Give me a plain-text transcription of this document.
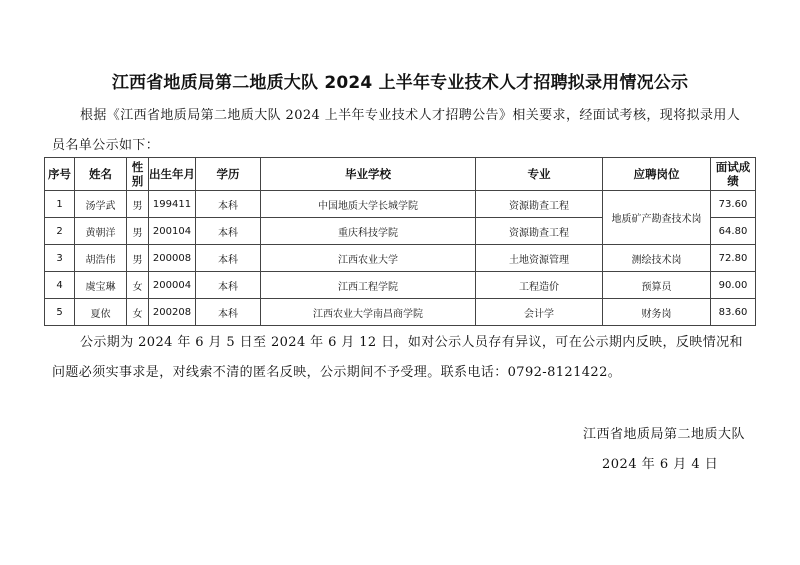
江西省地质局第二地质大队 2024 上半年专业技术人才招聘拟录用情况公示
根据《江西省地质局第二地质大队 2024 上半年专业技术人才招聘公告》相关要求，经面试考核，现将拟录用人员名单公示如下：
序号	姓名	性别	出生年月	学历	毕业学校	专业	应聘岗位	面试成绩
1	汤学武	男	199411	本科	中国地质大学长城学院	资源勘查工程	地质矿产勘查技术岗	73.60
2	黄朝洋	男	200104	本科	重庆科技学院	资源勘查工程		64.80
3	胡浩伟	男	200008	本科	江西农业大学	土地资源管理	测绘技术岗	72.80
4	虞宝琳	女	200004	本科	江西工程学院	工程造价	预算员	90.00
5	夏依	女	200208	本科	江西农业大学南昌商学院	会计学	财务岗	83.60
公示期为 2024 年 6 月 5 日至 2024 年 6 月 12 日，如对公示人员存有异议，可在公示期内反映，反映情况和问题必须实事求是，对线索不清的匿名反映，公示期间不予受理。联系电话：0792-8121422。
江西省地质局第二地质大队
2024 年 6 月 4 日
